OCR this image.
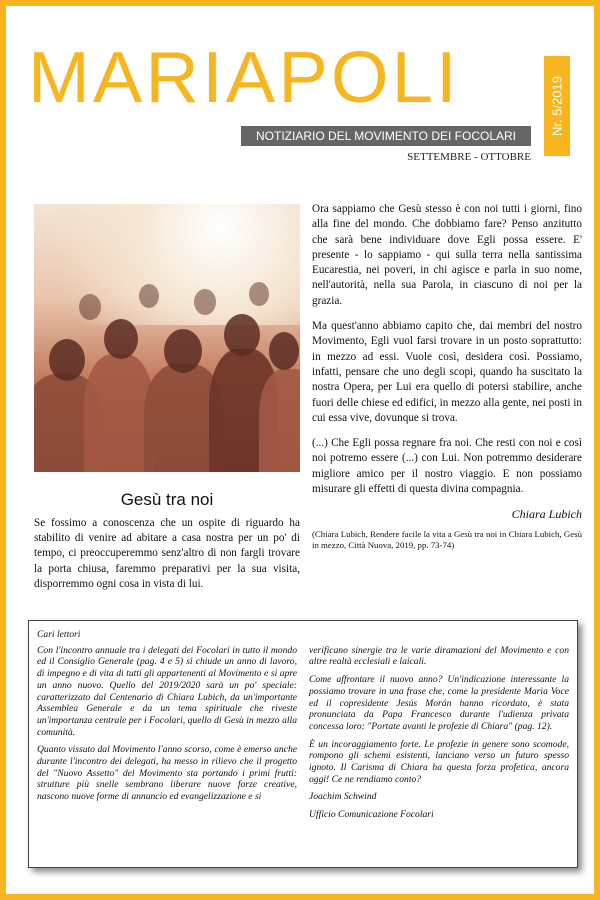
MARIAPOLI	Nr. 5/2019
NOTIZIARIO DEL MOVIMENTO DEI FOCOLARI
SETTEMBRE - OTTOBRE
Gesù tra noi

Se fossimo a conoscenza che un ospite di riguardo ha stabilito di venire ad abitare a casa nostra per un po' di tempo, ci preoccuperemmo senz'altro di non fargli trovare la porta chiusa, faremmo preparativi per la sua visita, disporremmo ogni cosa in vista di lui.

Ora sappiamo che Gesù stesso è con noi tutti i giorni, fino alla fine del mondo. Che dobbiamo fare? Penso anzitutto che sarà bene individuare dove Egli possa essere. E' presente - lo sappiamo - qui sulla terra nella santissima Eucarestia, nei poveri, in chi agisce e parla in suo nome, nell'autorità, nella sua Parola, in ciascuno di noi per la grazia.

Ma quest'anno abbiamo capito che, dai membri del nostro Movimento, Egli vuol farsi trovare in un posto soprattutto: in mezzo ad essi. Vuole così, desidera così. Possiamo, infatti, pensare che uno degli scopi, quando ha suscitato la nostra Opera, per Lui era quello di potersi stabilire, anche fuori delle chiese ed edifici, in mezzo alla gente, nei posti in cui essa vive, dovunque si trova.

(...) Che Egli possa regnare fra noi. Che resti con noi e così noi potremo essere (...) con Lui. Non potremmo desiderare migliore amico per il nostro viaggio. E non possiamo misurare gli effetti di questa divina compagnia.

Chiara Lubich

(Chiara Lubich, Rendere facile la vita a Gesù tra noi in Chiara Lubich, Gesù in mezzo, Città Nuova, 2019, pp. 73-74)

Cari lettori

Con l'incontro annuale tra i delegati dei Focolari in tutto il mondo ed il Consiglio Generale (pag. 4 e 5) si chiude un anno di lavoro, di impegno e di vita di tutti gli appartenenti al Movimento e si apre un anno nuovo. Quello del 2019/2020 sarà un po' speciale: caratterizzato dal Centenario di Chiara Lubich, da un'importante Assemblea Generale e da un tema spirituale che riveste un'importanza centrale per i Focolari, quello di Gesù in mezzo alla comunità.

Quanto vissuto dal Movimento l'anno scorso, come è emerso anche durante l'incontro dei delegati, ha messo in rilievo che il progetto del "Nuovo Assetto" del Movimento sta portando i primi frutti: strutture più snelle sembrano liberare nuove forze creative, nascono nuove forme di annuncio ed evangelizzazione e si

verificano sinergie tra le varie diramazioni del Movimento e con altre realtà ecclesiali e laicali.

Come affrontare il nuovo anno? Un'indicazione interessante la possiamo trovare in una frase che, come la presidente Maria Voce ed il copresidente Jesús Morán hanno ricordato, è stata pronunciata da Papa Francesco durante l'udienza privata concessa loro: "Portate avanti le profezie di Chiara" (pag. 12).

È un incoraggiamento forte. Le profezie in genere sono scomode, rompono gli schemi esistenti, lanciano verso un futuro spesso ignoto. Il Carisma di Chiara ha questa forza profetica, ancora oggi! Ce ne rendiamo conto?

Joachim Schwind

Ufficio Comunicazione Focolari
